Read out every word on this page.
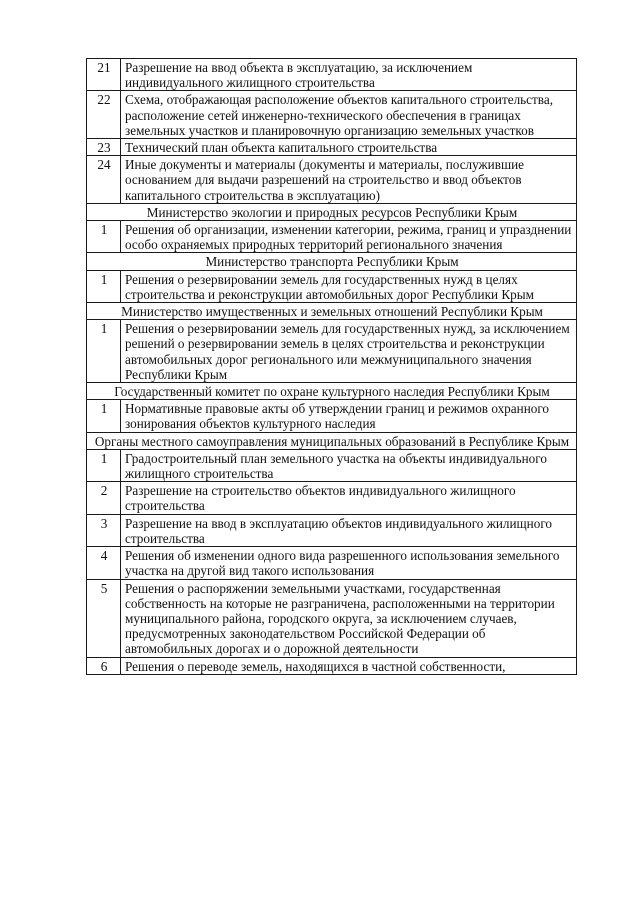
21	Разрешение на ввод объекта в эксплуатацию, за исключением индивидуального жилищного строительства
22	Схема, отображающая расположение объектов капитального строительства, расположение сетей инженерно-технического обеспечения в границах земельных участков и планировочную организацию земельных участков
23	Технический план объекта капитального строительства
24	Иные документы и материалы (документы и материалы, послужившие основанием для выдачи разрешений на строительство и ввод объектов капитального строительства в эксплуатацию)
Министерство экологии и природных ресурсов Республики Крым	
1	Решения об организации, изменении категории, режима, границ и упразднении особо охраняемых природных территорий регионального значения
Министерство транспорта Республики Крым	
1	Решения о резервировании земель для государственных нужд в целях строительства и реконструкции автомобильных дорог Республики Крым
Министерство имущественных и земельных отношений Республики Крым	
1	Решения о резервировании земель для государственных нужд, за исключением решений о резервировании земель в целях строительства и реконструкции автомобильных дорог регионального или межмуниципального значения Республики Крым
Государственный комитет по охране культурного наследия Республики Крым	
1	Нормативные правовые акты об утверждении границ и режимов охранного зонирования объектов культурного наследия
Органы местного самоуправления муниципальных образований в Республике Крым	
1	Градостроительный план земельного участка на объекты индивидуального жилищного строительства
2	Разрешение на строительство объектов индивидуального жилищного строительства
3	Разрешение на ввод в эксплуатацию объектов индивидуального жилищного строительства
4	Решения об изменении одного вида разрешенного использования земельного участка на другой вид такого использования
5	Решения о распоряжении земельными участками, государственная собственность на которые не разграничена, расположенными на территории муниципального района, городского округа, за исключением случаев, предусмотренных законодательством Российской Федерации об автомобильных дорогах и о дорожной деятельности
6	Решения о переводе земель, находящихся в частной собственности,
